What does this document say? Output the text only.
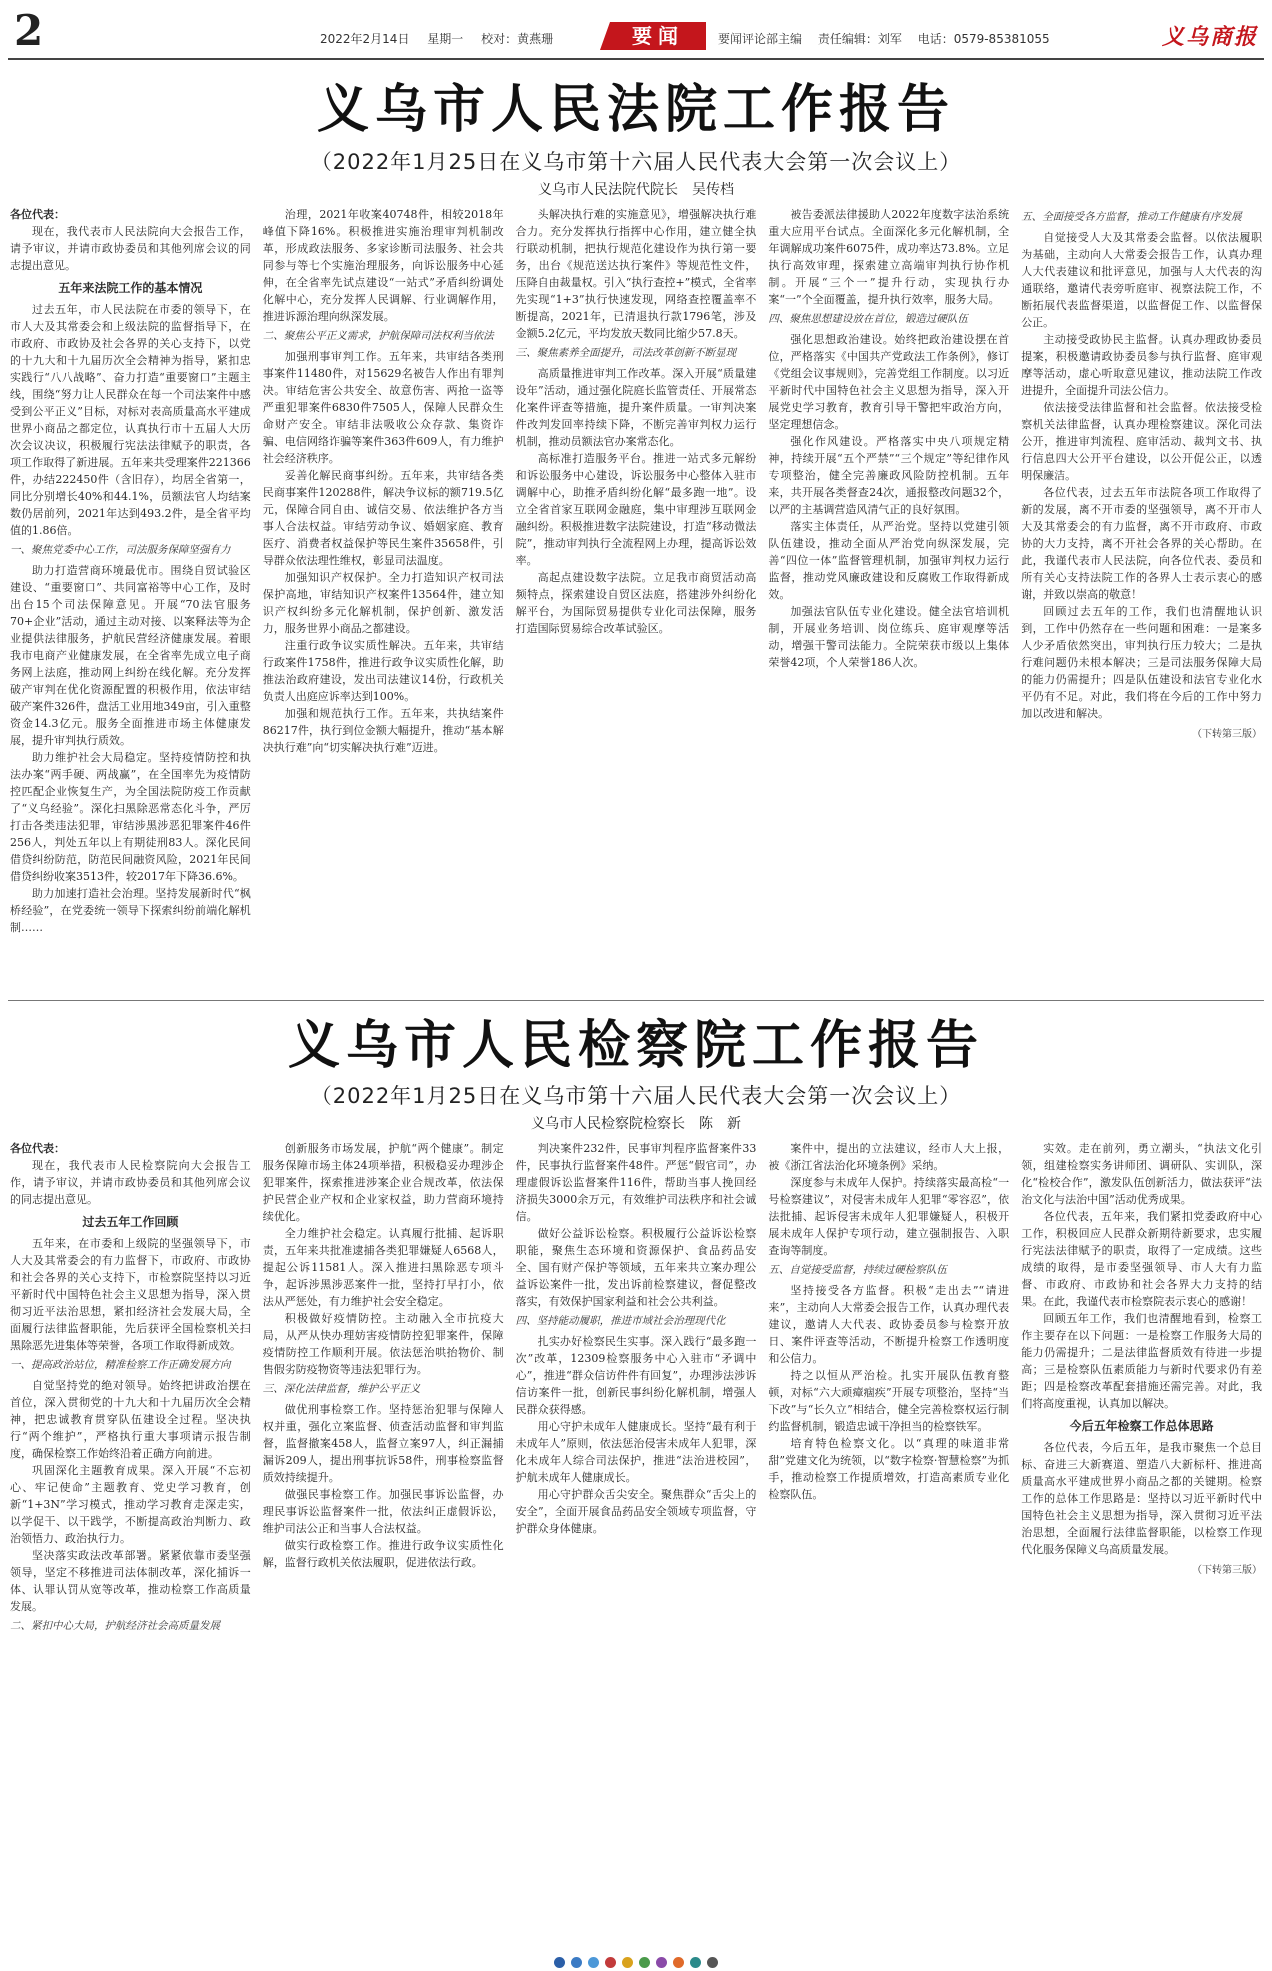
2	2022年2月14日 星期一 校对：黄燕珊	要闻	要闻评论部主编 责任编辑：刘军 电话：0579-85381055	义乌商报
义乌市人民法院工作报告
（2022年1月25日在义乌市第十六届人民代表大会第一次会议上）
义乌市人民法院代院长　吴传档

各位代表：

现在，我代表市人民法院向大会报告工作，请予审议，并请市政协委员和其他列席会议的同志提出意见。

五年来法院工作的基本情况

过去五年，市人民法院在市委的领导下，在市人大及其常委会和上级法院的监督指导下，在市政府、市政协及社会各界的关心支持下，以党的十九大和十九届历次全会精神为指导，紧扣忠实践行“八八战略”、奋力打造“重要窗口”主题主线，围绕“努力让人民群众在每一个司法案件中感受到公平正义”目标，对标对表高质量高水平建成世界小商品之都定位，认真执行市十五届人大历次会议决议，积极履行宪法法律赋予的职责，各项工作取得了新进展。五年来共受理案件221366件，办结222450件（含旧存），均居全省第一，同比分别增长40%和44.1%，员额法官人均结案数仍居前列，2021年达到493.2件，是全省平均值的1.86倍。

一、聚焦党委中心工作，司法服务保障坚强有力

助力打造营商环境最优市。围绕自贸试验区建设、“重要窗口”、共同富裕等中心工作，及时出台15个司法保障意见。开展“70法官服务70+企业”活动，通过主动对接、以案释法等为企业提供法律服务，护航民营经济健康发展。着眼我市电商产业健康发展，在全省率先成立电子商务网上法庭，推动网上纠纷在线化解。充分发挥破产审判在优化资源配置的积极作用，依法审结破产案件326件，盘活工业用地349亩，引入重整资金14.3亿元。服务全面推进市场主体健康发展，提升审判执行质效。

助力维护社会大局稳定。坚持疫情防控和执法办案“两手硬、两战赢”，在全国率先为疫情防控匹配企业恢复生产，为全国法院防疫工作贡献了“义乌经验”。深化扫黑除恶常态化斗争，严厉打击各类违法犯罪，审结涉黑涉恶犯罪案件46件256人，判处五年以上有期徒刑83人。深化民间借贷纠纷防范，防范民间融资风险，2021年民间借贷纠纷收案3513件，较2017年下降36.6%。

助力加速打造社会治理。坚持发展新时代“枫桥经验”，在党委统一领导下探索纠纷前端化解机制……

治理，2021年收案40748件，相较2018年峰值下降16%。积极推进实施治理审判机制改革，形成政法服务、多家诊断司法服务、社会共同参与等七个实施治理服务，向诉讼服务中心延伸，在全省率先试点建设“一站式”矛盾纠纷调处化解中心，充分发挥人民调解、行业调解作用，推进诉源治理向纵深发展。

二、聚焦公平正义需求，护航保障司法权利当依法

加强刑事审判工作。五年来，共审结各类刑事案件11480件，对15629名被告人作出有罪判决。审结危害公共安全、故意伤害、两抢一盗等严重犯罪案件6830件7505人，保障人民群众生命财产安全。审结非法吸收公众存款、集资诈骗、电信网络诈骗等案件363件609人，有力维护社会经济秩序。

妥善化解民商事纠纷。五年来，共审结各类民商事案件120288件，解决争议标的额719.5亿元，保障合同自由、诚信交易、依法维护各方当事人合法权益。审结劳动争议、婚姻家庭、教育医疗、消费者权益保护等民生案件35658件，引导群众依法理性维权，彰显司法温度。

加强知识产权保护。全力打造知识产权司法保护高地，审结知识产权案件13564件，建立知识产权纠纷多元化解机制，保护创新、激发活力，服务世界小商品之都建设。

注重行政争议实质性解决。五年来，共审结行政案件1758件，推进行政争议实质性化解，助推法治政府建设，发出司法建议14份，行政机关负责人出庭应诉率达到100%。

加强和规范执行工作。五年来，共执结案件86217件，执行到位金额大幅提升，推动“基本解决执行难”向“切实解决执行难”迈进。

头解决执行难的实施意见》，增强解决执行难合力。充分发挥执行指挥中心作用，建立健全执行联动机制，把执行规范化建设作为执行第一要务，出台《规范送达执行案件》等规范性文件，压降自由裁量权。引入“执行查控+”模式，全省率先实现“1+3”执行快速发现，网络查控覆盖率不断提高，2021年，已清退执行款1796笔，涉及金额5.2亿元，平均发放天数同比缩少57.8天。

三、聚焦素养全面提升，司法改革创新不断显现

高质量推进审判工作改革。深入开展“质量建设年”活动，通过强化院庭长监管责任、开展常态化案件评查等措施，提升案件质量。一审判决案件改判发回率持续下降，不断完善审判权力运行机制，推动员额法官办案常态化。

高标准打造服务平台。推进一站式多元解纷和诉讼服务中心建设，诉讼服务中心整体入驻市调解中心，助推矛盾纠纷化解“最多跑一地”。设立全省首家互联网金融庭，集中审理涉互联网金融纠纷。积极推进数字法院建设，打造“移动微法院”，推动审判执行全流程网上办理，提高诉讼效率。

高起点建设数字法院。立足我市商贸活动高频特点，探索建设自贸区法庭，搭建涉外纠纷化解平台，为国际贸易提供专业化司法保障，服务打造国际贸易综合改革试验区。

被告委派法律援助人2022年度数字法治系统重大应用平台试点。全面深化多元化解机制，全年调解成功案件6075件，成功率达73.8%。立足执行高效审理，探索建立高端审判执行协作机制。开展“三个一”提升行动，实现执行办案“一”个全面覆盖，提升执行效率，服务大局。

四、聚焦思想建设放在首位，锻造过硬队伍

强化思想政治建设。始终把政治建设摆在首位，严格落实《中国共产党政法工作条例》，修订《党组会议事规则》，完善党组工作制度。以习近平新时代中国特色社会主义思想为指导，深入开展党史学习教育，教育引导干警把牢政治方向，坚定理想信念。

强化作风建设。严格落实中央八项规定精神，持续开展“五个严禁”“三个规定”等纪律作风专项整治，健全完善廉政风险防控机制。五年来，共开展各类督查24次，通报整改问题32个，以严的主基调营造风清气正的良好氛围。

落实主体责任，从严治党。坚持以党建引领队伍建设，推动全面从严治党向纵深发展，完善“四位一体”监督管理机制，加强审判权力运行监督，推动党风廉政建设和反腐败工作取得新成效。

加强法官队伍专业化建设。健全法官培训机制，开展业务培训、岗位练兵、庭审观摩等活动，增强干警司法能力。全院荣获市级以上集体荣誉42项，个人荣誉186人次。

五、全面接受各方监督，推动工作健康有序发展

自觉接受人大及其常委会监督。以依法履职为基础，主动向人大常委会报告工作，认真办理人大代表建议和批评意见，加强与人大代表的沟通联络，邀请代表旁听庭审、视察法院工作，不断拓展代表监督渠道，以监督促工作、以监督保公正。

主动接受政协民主监督。认真办理政协委员提案，积极邀请政协委员参与执行监督、庭审观摩等活动，虚心听取意见建议，推动法院工作改进提升，全面提升司法公信力。

依法接受法律监督和社会监督。依法接受检察机关法律监督，认真办理检察建议。深化司法公开，推进审判流程、庭审活动、裁判文书、执行信息四大公开平台建设，以公开促公正，以透明保廉洁。

各位代表，过去五年市法院各项工作取得了新的发展，离不开市委的坚强领导，离不开市人大及其常委会的有力监督，离不开市政府、市政协的大力支持，离不开社会各界的关心帮助。在此，我谨代表市人民法院，向各位代表、委员和所有关心支持法院工作的各界人士表示衷心的感谢，并致以崇高的敬意！

回顾过去五年的工作，我们也清醒地认识到，工作中仍然存在一些问题和困难：一是案多人少矛盾依然突出，审判执行压力较大；二是执行难问题仍未根本解决；三是司法服务保障大局的能力仍需提升；四是队伍建设和法官专业化水平仍有不足。对此，我们将在今后的工作中努力加以改进和解决。

（下转第三版）

义乌市人民检察院工作报告
（2022年1月25日在义乌市第十六届人民代表大会第一次会议上）
义乌市人民检察院检察长　陈　新

各位代表：

现在，我代表市人民检察院向大会报告工作，请予审议，并请市政协委员和其他列席会议的同志提出意见。

过去五年工作回顾

五年来，在市委和上级院的坚强领导下，市人大及其常委会的有力监督下，市政府、市政协和社会各界的关心支持下，市检察院坚持以习近平新时代中国特色社会主义思想为指导，深入贯彻习近平法治思想，紧扣经济社会发展大局，全面履行法律监督职能，先后获评全国检察机关扫黑除恶先进集体等荣誉，各项工作取得新成效。

一、提高政治站位，精准检察工作正确发展方向

自觉坚持党的绝对领导。始终把讲政治摆在首位，深入贯彻党的十九大和十九届历次全会精神，把忠诚教育贯穿队伍建设全过程。坚决执行“两个维护”，严格执行重大事项请示报告制度，确保检察工作始终沿着正确方向前进。

巩固深化主题教育成果。深入开展“不忘初心、牢记使命”主题教育、党史学习教育，创新“1+3N”学习模式，推动学习教育走深走实，以学促干、以干践学，不断提高政治判断力、政治领悟力、政治执行力。

坚决落实政法改革部署。紧紧依靠市委坚强领导，坚定不移推进司法体制改革，深化捕诉一体、认罪认罚从宽等改革，推动检察工作高质量发展。

二、紧扣中心大局，护航经济社会高质量发展

创新服务市场发展，护航“两个健康”。制定服务保障市场主体24项举措，积极稳妥办理涉企犯罪案件，探索推进涉案企业合规改革，依法保护民营企业产权和企业家权益，助力营商环境持续优化。

全力维护社会稳定。认真履行批捕、起诉职责，五年来共批准逮捕各类犯罪嫌疑人6568人，提起公诉11581人。深入推进扫黑除恶专项斗争，起诉涉黑涉恶案件一批，坚持打早打小，依法从严惩处，有力维护社会安全稳定。

积极做好疫情防控。主动融入全市抗疫大局，从严从快办理妨害疫情防控犯罪案件，保障疫情防控工作顺利开展。依法惩治哄抬物价、制售假劣防疫物资等违法犯罪行为。

三、深化法律监督，维护公平正义

做优刑事检察工作。坚持惩治犯罪与保障人权并重，强化立案监督、侦查活动监督和审判监督，监督撤案458人，监督立案97人，纠正漏捕漏诉209人，提出刑事抗诉58件，刑事检察监督质效持续提升。

做强民事检察工作。加强民事诉讼监督，办理民事诉讼监督案件一批，依法纠正虚假诉讼，维护司法公正和当事人合法权益。

做实行政检察工作。推进行政争议实质性化解，监督行政机关依法履职，促进依法行政。

判决案件232件，民事审判程序监督案件33件，民事执行监督案件48件。严惩“假官司”，办理虚假诉讼监督案件116件，帮助当事人挽回经济损失3000余万元，有效维护司法秩序和社会诚信。

做好公益诉讼检察。积极履行公益诉讼检察职能，聚焦生态环境和资源保护、食品药品安全、国有财产保护等领域，五年来共立案办理公益诉讼案件一批，发出诉前检察建议，督促整改落实，有效保护国家利益和社会公共利益。

四、坚持能动履职，推进市域社会治理现代化

扎实办好检察民生实事。深入践行“最多跑一次”改革，12309检察服务中心入驻市“矛调中心”，推进“群众信访件件有回复”，办理涉法涉诉信访案件一批，创新民事纠纷化解机制，增强人民群众获得感。

用心守护未成年人健康成长。坚持“最有利于未成年人”原则，依法惩治侵害未成年人犯罪，深化未成年人综合司法保护，推进“法治进校园”，护航未成年人健康成长。

用心守护群众舌尖安全。聚焦群众“舌尖上的安全”，全面开展食品药品安全领域专项监督，守护群众身体健康。

案件中，提出的立法建议，经市人大上报，被《浙江省法治化环境条例》采纳。

深度参与未成年人保护。持续落实最高检“一号检察建议”，对侵害未成年人犯罪“零容忍”，依法批捕、起诉侵害未成年人犯罪嫌疑人，积极开展未成年人保护专项行动，建立强制报告、入职查询等制度。

五、自觉接受监督，持续过硬检察队伍

坚持接受各方监督。积极“走出去”“请进来”，主动向人大常委会报告工作，认真办理代表建议，邀请人大代表、政协委员参与检察开放日、案件评查等活动，不断提升检察工作透明度和公信力。

持之以恒从严治检。扎实开展队伍教育整顿，对标“六大顽瘴痼疾”开展专项整治，坚持“当下改”与“长久立”相结合，健全完善检察权运行制约监督机制，锻造忠诚干净担当的检察铁军。

培育特色检察文化。以“真理的味道非常甜”党建文化为统领，以“数字检察·智慧检察”为抓手，推动检察工作提质增效，打造高素质专业化检察队伍。

实效。走在前列，勇立潮头，“执法文化引领，组建检察实务讲师团、调研队、实训队，深化“检校合作”，激发队伍创新活力，做法获评“法治文化与法治中国”活动优秀成果。

各位代表，五年来，我们紧扣党委政府中心工作，积极回应人民群众新期待新要求，忠实履行宪法法律赋予的职责，取得了一定成绩。这些成绩的取得，是市委坚强领导、市人大有力监督、市政府、市政协和社会各界大力支持的结果。在此，我谨代表市检察院表示衷心的感谢！

回顾五年工作，我们也清醒地看到，检察工作主要存在以下问题：一是检察工作服务大局的能力仍需提升；二是法律监督质效有待进一步提高；三是检察队伍素质能力与新时代要求仍有差距；四是检察改革配套措施还需完善。对此，我们将高度重视，认真加以解决。

今后五年检察工作总体思路

各位代表，今后五年，是我市聚焦一个总目标、奋进三大新赛道、塑造八大新标杆、推进高质量高水平建成世界小商品之都的关键期。检察工作的总体工作思路是：坚持以习近平新时代中国特色社会主义思想为指导，深入贯彻习近平法治思想，全面履行法律监督职能，以检察工作现代化服务保障义乌高质量发展。

（下转第三版）
